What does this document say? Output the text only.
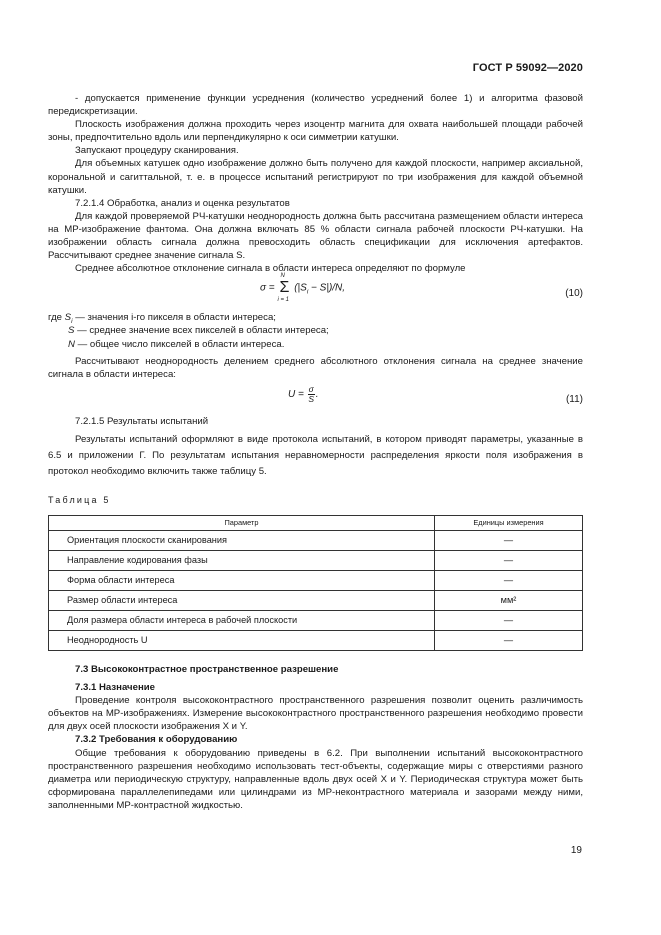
ГОСТ Р 59092—2020

- допускается применение функции усреднения (количество усреднений более 1) и алгоритма фазовой передискретизации.

Плоскость изображения должна проходить через изоцентр магнита для охвата наибольшей площади рабочей зоны, предпочтительно вдоль или перпендикулярно к оси симметрии катушки.

Запускают процедуру сканирования.

Для объемных катушек одно изображение должно быть получено для каждой плоскости, например аксиальной, корональной и сагиттальной, т. е. в процессе испытаний регистрируют по три изображения для каждой объемной катушки.

7.2.1.4 Обработка, анализ и оценка результатов

Для каждой проверяемой РЧ-катушки неоднородность должна быть рассчитана размещением области интереса на МР-изображение фантома. Она должна включать 85 % области сигнала рабочей плоскости РЧ-катушки. На изображении область сигнала должна превосходить область спецификации для исключения артефактов. Рассчитывают среднее значение сигнала S.

Среднее абсолютное отклонение сигнала в области интереса определяют по формуле

σ = Σ
N
i = 1
$(|S_i - S|)/N$,	(10)
где $S_i$ — значения i-го пикселя в области интереса;
S — среднее значение всех пикселей в области интереса;
N — общее число пикселей в области интереса.

Рассчитывают неоднородность делением среднего абсолютного отклонения сигнала на среднее значение сигнала в области интереса:

$U = \frac{\sigma}{S}$ .	(11)

7.2.1.5 Результаты испытаний

Результаты испытаний оформляют в виде протокола испытаний, в котором приводят параметры, указанные в 6.5 и приложении Г. По результатам испытания неравномерности распределения яркости поля изображения в протокол необходимо включить также таблицу 5.

Таблица 5

Параметр	Единицы измерения
Ориентация плоскости сканирования	—
Направление кодирования фазы	—
Форма области интереса	—
Размер области интереса	мм²
Доля размера области интереса в рабочей плоскости	—
Неоднородность U	—

7.3 Высококонтрастное пространственное разрешение

7.3.1 Назначение

Проведение контроля высококонтрастного пространственного разрешения позволит оценить различимость объектов на МР-изображениях. Измерение высококонтрастного пространственного разрешения необходимо провести для двух осей плоскости изображения X и Y.

7.3.2 Требования к оборудованию

Общие требования к оборудованию приведены в 6.2. При выполнении испытаний высококонтрастного пространственного разрешения необходимо использовать тест-объекты, содержащие миры с отверстиями разного диаметра или периодическую структуру, направленные вдоль двух осей X и Y. Периодическая структура может быть сформирована параллелепипедами или цилиндрами из МР-неконтрастного материала и зазорами между ними, заполненными МР-контрастной жидкостью.

19
